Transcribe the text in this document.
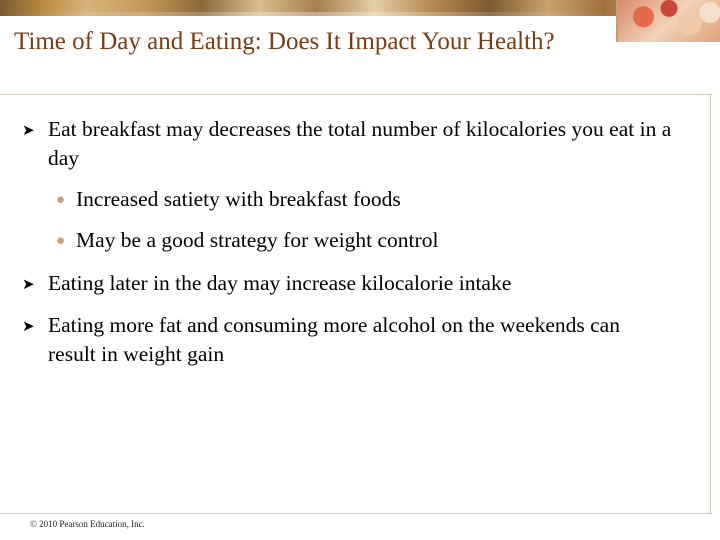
Time of Day and Eating: Does It Impact Your Health?
➤ Eat breakfast may decreases the total number of kilocalories you eat in a day
● Increased satiety with breakfast foods
● May be a good strategy for weight control
➤ Eating later in the day may increase kilocalorie intake
➤ Eating more fat and consuming more alcohol on the weekends can result in weight gain
© 2010 Pearson Education, Inc.
